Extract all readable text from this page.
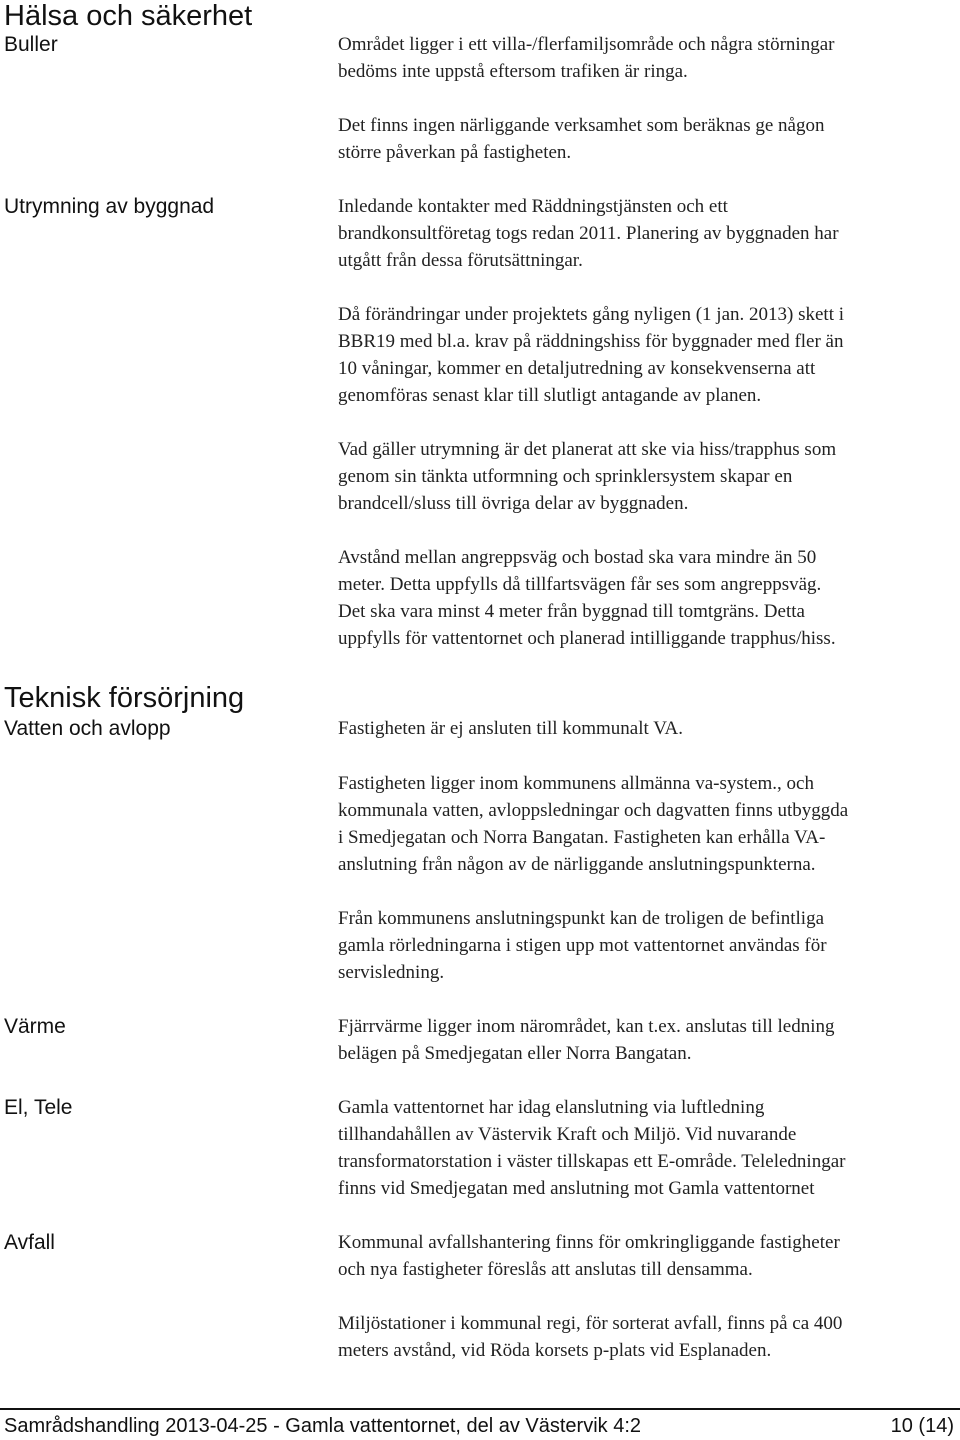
Hälsa och säkerhet
Buller
Utrymning av byggnad
Teknisk försörjning
Vatten och avlopp
Värme
El, Tele
Avfall
Området ligger i ett villa-/flerfamiljsområde och några störningar
bedöms inte uppstå eftersom trafiken är ringa.
Det finns ingen närliggande verksamhet som beräknas ge någon
större påverkan på fastigheten.
Inledande kontakter med Räddningstjänsten och ett
brandkonsultföretag togs redan 2011. Planering av byggnaden har
utgått från dessa förutsättningar.
Då förändringar under projektets gång nyligen (1 jan. 2013) skett i
BBR19 med bl.a. krav på räddningshiss för byggnader med fler än
10 våningar, kommer en detaljutredning av konsekvenserna att
genomföras senast klar till slutligt antagande av planen.
Vad gäller utrymning är det planerat att ske via hiss/trapphus som
genom sin tänkta utformning och sprinklersystem skapar en
brandcell/sluss till övriga delar av byggnaden.
Avstånd mellan angreppsväg och bostad ska vara mindre än 50
meter. Detta uppfylls då tillfartsvägen får ses som angreppsväg.
Det ska vara minst 4 meter från byggnad till tomtgräns. Detta
uppfylls för vattentornet och planerad intilliggande trapphus/hiss.
Fastigheten är ej ansluten till kommunalt VA.
Fastigheten ligger inom kommunens allmänna va-system., och
kommunala vatten, avloppsledningar och dagvatten finns utbyggda
i Smedjegatan och Norra Bangatan. Fastigheten kan erhålla VA-
anslutning från någon av de närliggande anslutningspunkterna.
Från kommunens anslutningspunkt kan de troligen de befintliga
gamla rörledningarna i stigen upp mot vattentornet användas för
servisledning.
Fjärrvärme ligger inom närområdet, kan t.ex. anslutas till ledning
belägen på Smedjegatan eller Norra Bangatan.
Gamla vattentornet har idag elanslutning via luftledning
tillhandahållen av Västervik Kraft och Miljö. Vid nuvarande
transformatorstation i väster tillskapas ett E-område. Teleledningar
finns vid Smedjegatan med anslutning mot Gamla vattentornet
Kommunal avfallshantering finns för omkringliggande fastigheter
och nya fastigheter föreslås att anslutas till densamma.
Miljöstationer i kommunal regi, för sorterat avfall, finns på ca 400
meters avstånd, vid Röda korsets p-plats vid Esplanaden.
Samrådshandling 2013-04-25 - Gamla vattentornet, del av Västervik 4:2	10 (14)
